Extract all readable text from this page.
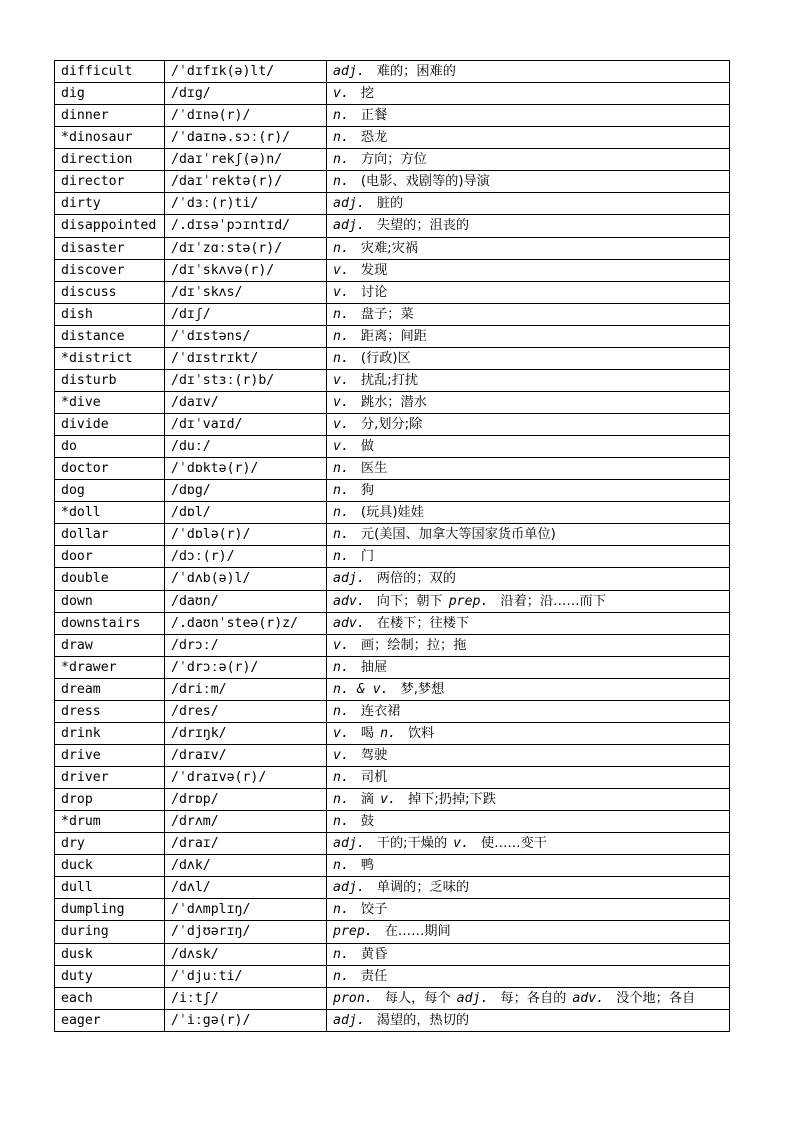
difficult	/ˈdɪfɪk(ə)lt/	adj. 难的；困难的
dig	/dɪg/	v. 挖
dinner	/ˈdɪnə(r)/	n. 正餐
*dinosaur	/ˈdaɪnə.sɔː(r)/	n. 恐龙
direction	/daɪˈrekʃ(ə)n/	n. 方向；方位
director	/daɪˈrektə(r)/	n. (电影、戏剧等的)导演
dirty	/ˈdɜː(r)ti/	adj. 脏的
disappointed	/.dɪsəˈpɔɪntɪd/	adj. 失望的；沮丧的
disaster	/dɪˈzɑːstə(r)/	n. 灾难;灾祸
discover	/dɪˈskʌvə(r)/	v. 发现
discuss	/dɪˈskʌs/	v. 讨论
dish	/dɪʃ/	n. 盘子；菜
distance	/ˈdɪstəns/	n. 距离；间距
*district	/ˈdɪstrɪkt/	n. (行政)区
disturb	/dɪˈstɜː(r)b/	v. 扰乱;打扰
*dive	/daɪv/	v. 跳水；潜水
divide	/dɪˈvaɪd/	v. 分,划分;除
do	/duː/	v. 做
doctor	/ˈdɒktə(r)/	n. 医生
dog	/dɒg/	n. 狗
*doll	/dɒl/	n. (玩具)娃娃
dollar	/ˈdɒlə(r)/	n. 元(美国、加拿大等国家货币单位)
door	/dɔː(r)/	n. 门
double	/ˈdʌb(ə)l/	adj. 两倍的；双的
down	/daʊn/	adv. 向下；朝下 prep. 沿着；沿……而下
downstairs	/.daʊnˈsteə(r)z/	adv. 在楼下；往楼下
draw	/drɔː/	v. 画；绘制；拉；拖
*drawer	/ˈdrɔːə(r)/	n. 抽屉
dream	/driːm/	n. & v. 梦,梦想
dress	/dres/	n. 连衣裙
drink	/drɪŋk/	v. 喝 n. 饮料
drive	/draɪv/	v. 驾驶
driver	/ˈdraɪvə(r)/	n. 司机
drop	/drɒp/	n. 滴 v. 掉下;扔掉;下跌
*drum	/drʌm/	n. 鼓
dry	/draɪ/	adj. 干的;干燥的 v. 使……变干
duck	/dʌk/	n. 鸭
dull	/dʌl/	adj. 单调的；乏味的
dumpling	/ˈdʌmplɪŋ/	n. 饺子
during	/ˈdjʊərɪŋ/	prep. 在……期间
dusk	/dʌsk/	n. 黄昏
duty	/ˈdjuːti/	n. 责任
each	/iːtʃ/	pron. 每人，每个 adj. 每；各自的 adv. 没个地；各自
eager	/ˈiːgə(r)/	adj. 渴望的，热切的
